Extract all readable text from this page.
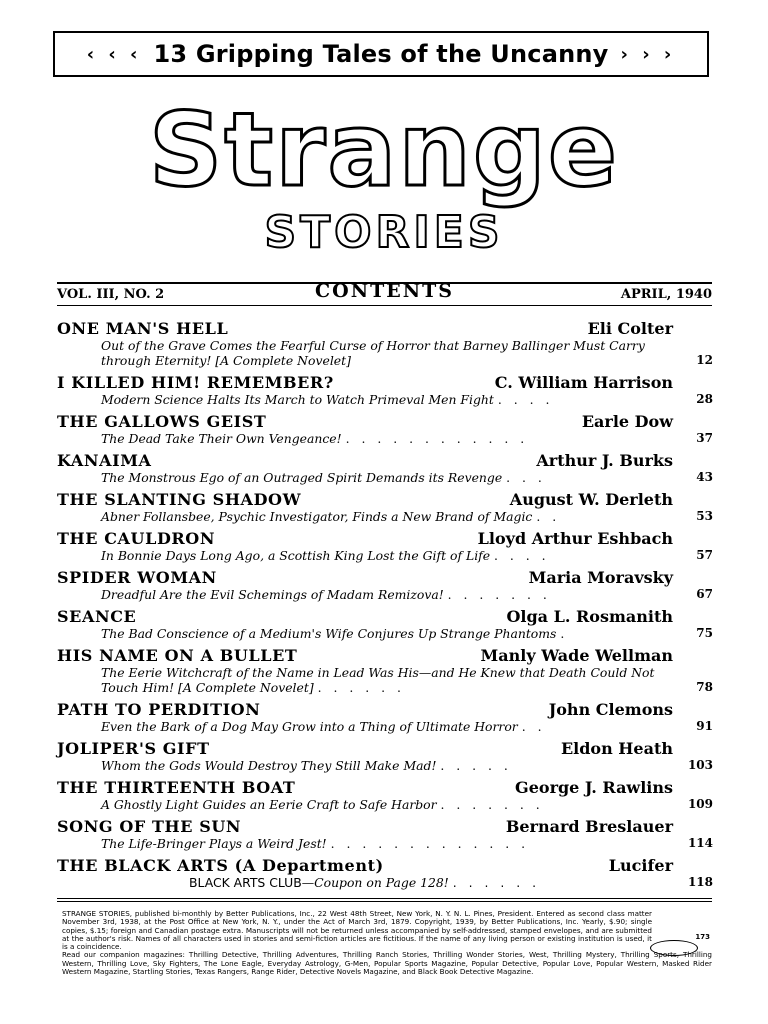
‹ ‹ ‹ 13 Gripping Tales of the Uncanny › › ›
Strange
STORIES
VOL. III, NO. 2	CONTENTS	APRIL, 1940
ONE MAN'S HELL	Eli Colter
Out of the Grave Comes the Fearful Curse of Horror that Barney Ballinger Must Carry through Eternity! [A Complete Novelet]	12
I KILLED HIM! REMEMBER?	C. William Harrison
Modern Science Halts Its March to Watch Primeval Men Fight . . . .	28
THE GALLOWS GEIST	Earle Dow
The Dead Take Their Own Vengeance! . . . . . . . . . . . .	37
KANAIMA	Arthur J. Burks
The Monstrous Ego of an Outraged Spirit Demands its Revenge . . .	43
THE SLANTING SHADOW	August W. Derleth
Abner Follansbee, Psychic Investigator, Finds a New Brand of Magic . .	53
THE CAULDRON	Lloyd Arthur Eshbach
In Bonnie Days Long Ago, a Scottish King Lost the Gift of Life . . . .	57
SPIDER WOMAN	Maria Moravsky
Dreadful Are the Evil Schemings of Madam Remizova! . . . . . . .	67
SEANCE	Olga L. Rosmanith
The Bad Conscience of a Medium's Wife Conjures Up Strange Phantoms .	75
HIS NAME ON A BULLET	Manly Wade Wellman
The Eerie Witchcraft of the Name in Lead Was His—and He Knew that Death Could Not Touch Him! [A Complete Novelet] . . . . . .	78
PATH TO PERDITION	John Clemons
Even the Bark of a Dog May Grow into a Thing of Ultimate Horror . .	91
JOLIPER'S GIFT	Eldon Heath
Whom the Gods Would Destroy They Still Make Mad! . . . . .	103
THE THIRTEENTH BOAT	George J. Rawlins
A Ghostly Light Guides an Eerie Craft to Safe Harbor . . . . . . .	109
SONG OF THE SUN	Bernard Breslauer
The Life-Bringer Plays a Weird Jest! . . . . . . . . . . . . .	114
THE BLACK ARTS (A Department)	Lucifer
BLACK ARTS CLUB—Coupon on Page 128! . . . . . .	118

STRANGE STORIES, published bi-monthly by Better Publications, Inc., 22 West 48th Street, New York, N. Y. N. L. Pines, President. Entered as second class matter November 3rd, 1938, at the Post Office at New York, N. Y., under the Act of March 3rd, 1879. Copyright, 1939, by Better Publications, Inc. Yearly, $.90; single copies, $.15; foreign and Canadian postage extra. Manuscripts will not be returned unless accompanied by self-addressed, stamped envelopes, and are submitted at the author's risk. Names of all characters used in stories and semi-fiction articles are fictitious. If the name of any living person or existing institution is used, it is a coincidence.

Read our companion magazines: Thrilling Detective, Thrilling Adventures, Thrilling Ranch Stories, Thrilling Wonder Stories, West, Thrilling Mystery, Thrilling Sports, Thrilling Western, Thrilling Love, Sky Fighters, The Lone Eagle, Everyday Astrology, G-Men, Popular Sports Magazine, Popular Detective, Popular Love, Popular Western, Masked Rider Western Magazine, Startling Stories, Texas Rangers, Range Rider, Detective Novels Magazine, and Black Book Detective Magazine.

173
